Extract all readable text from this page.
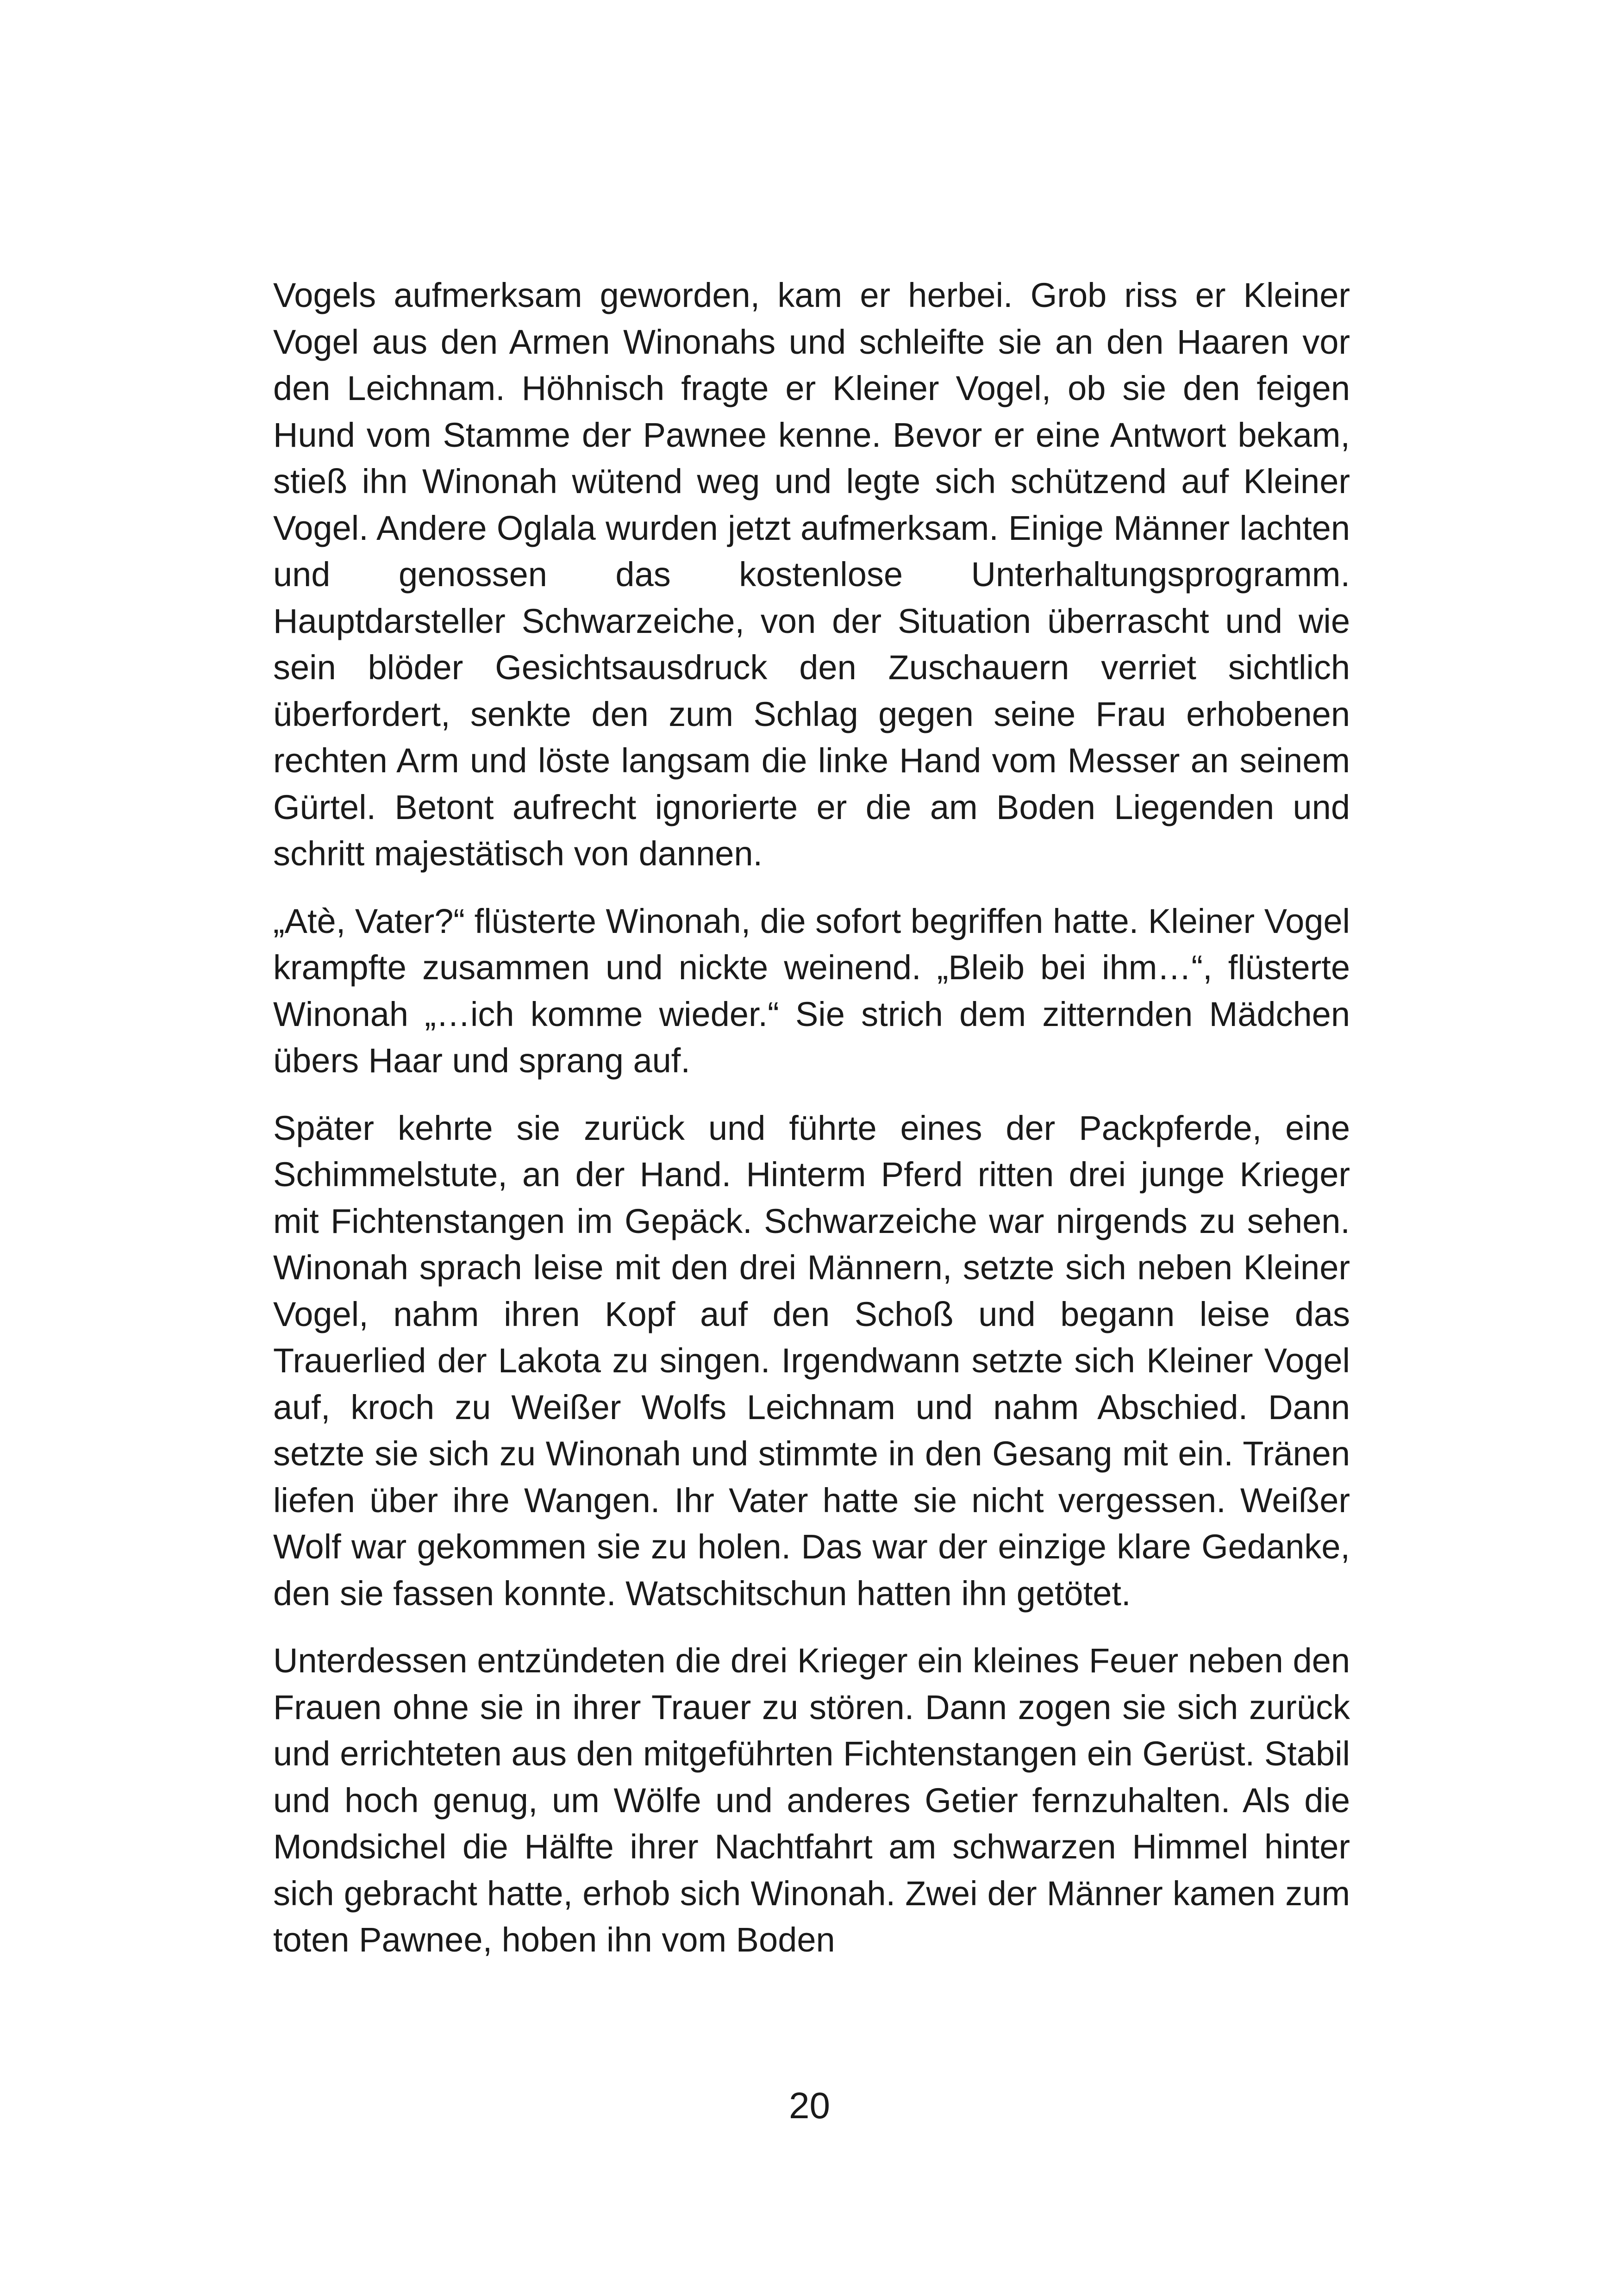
Vogels aufmerksam geworden, kam er herbei. Grob riss er Kleiner Vogel aus den Armen Winonahs und schleifte sie an den Haaren vor den Leichnam. Höhnisch fragte er Kleiner Vogel, ob sie den feigen Hund vom Stamme der Pawnee kenne. Bevor er eine Antwort bekam, stieß ihn Winonah wütend weg und legte sich schützend auf Kleiner Vogel. Andere Oglala wurden jetzt aufmerksam. Einige Männer lachten und genossen das kostenlose Unterhaltungsprogramm. Hauptdarsteller Schwarzeiche, von der Situation überrascht und wie sein blöder Gesichtsausdruck den Zuschauern verriet sichtlich überfordert, senkte den zum Schlag gegen seine Frau erhobenen rechten Arm und löste langsam die linke Hand vom Messer an seinem Gürtel. Betont aufrecht ignorierte er die am Boden Liegenden und schritt majestätisch von dannen.

„Atè, Vater?“ flüsterte Winonah, die sofort begriffen hatte. Kleiner Vogel krampfte zusammen und nickte weinend. „Bleib bei ihm…“, flüsterte Winonah „…ich komme wieder.“ Sie strich dem zitternden Mädchen übers Haar und sprang auf.

Später kehrte sie zurück und führte eines der Packpferde, eine Schimmelstute, an der Hand. Hinterm Pferd ritten drei junge Krieger mit Fichtenstangen im Gepäck. Schwarzeiche war nirgends zu sehen. Winonah sprach leise mit den drei Männern, setzte sich neben Kleiner Vogel, nahm ihren Kopf auf den Schoß und begann leise das Trauerlied der Lakota zu singen. Irgendwann setzte sich Kleiner Vogel auf, kroch zu Weißer Wolfs Leichnam und nahm Abschied. Dann setzte sie sich zu Winonah und stimmte in den Gesang mit ein. Tränen liefen über ihre Wangen. Ihr Vater hatte sie nicht vergessen. Weißer Wolf war gekommen sie zu holen. Das war der einzige klare Gedanke, den sie fassen konnte. Watschitschun hatten ihn getötet.

Unterdessen entzündeten die drei Krieger ein kleines Feuer neben den Frauen ohne sie in ihrer Trauer zu stören. Dann zogen sie sich zurück und errichteten aus den mitgeführten Fichtenstangen ein Gerüst. Stabil und hoch genug, um Wölfe und anderes Getier fernzuhalten. Als die Mondsichel die Hälfte ihrer Nachtfahrt am schwarzen Himmel hinter sich gebracht hatte, erhob sich Winonah. Zwei der Männer kamen zum toten Pawnee, hoben ihn vom Boden

20
